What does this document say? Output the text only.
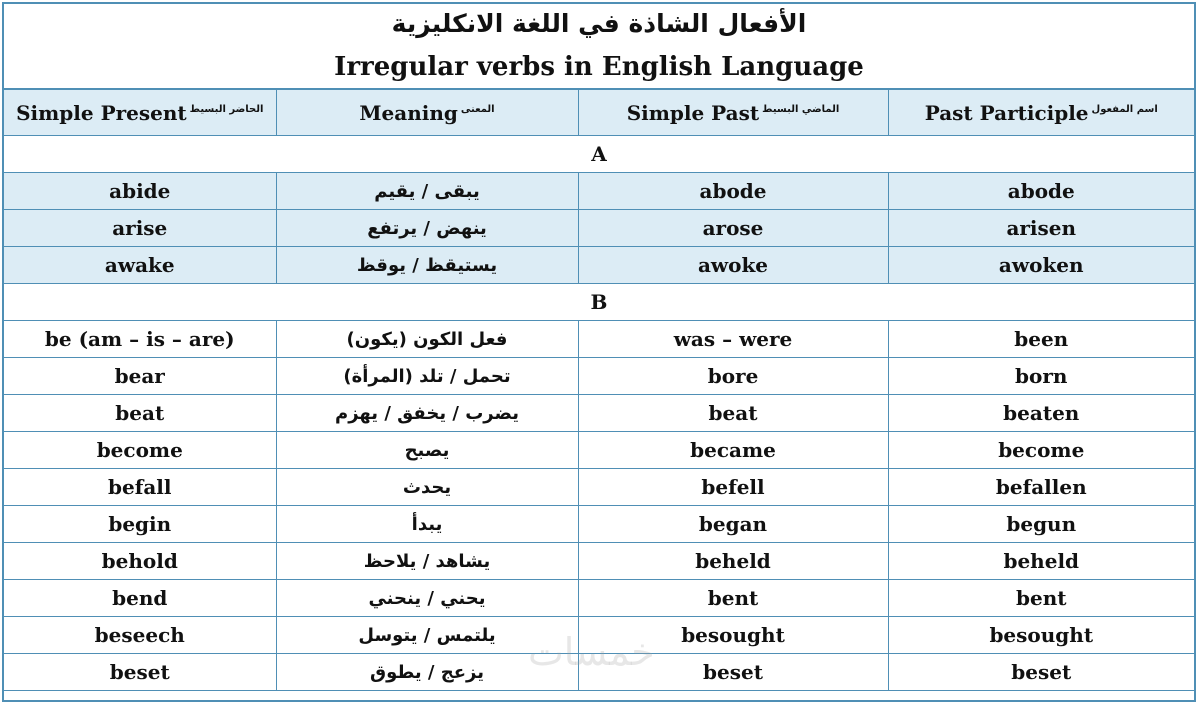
الأفعال الشاذة في اللغة الانكليزية
Irregular verbs in English Language
Simple Present $^{الحاضر البسيط}$	Meaning $^{المعنى}$	Simple Past $^{الماضي البسيط}$	Past Participle $^{اسم المفعول}$
A			
abide	يبقى / يقيم	abode	abode
arise	ينهض / يرتفع	arose	arisen
awake	يستيقظ / يوقظ	awoke	awoken
B			
be (am – is – are)	فعل الكون (يكون)	was – were	been
bear	تحمل / تلد (المرأة)	bore	born
beat	يضرب / يخفق / يهزم	beat	beaten
become	يصبح	became	become
befall	يحدث	befell	befallen
begin	يبدأ	began	begun
behold	يشاهد / يلاحظ	beheld	beheld
bend	يحني / ينحني	bent	bent
beseech	يلتمس / يتوسل	besought	besought
beset	يزعج / يطوق	beset	beset
خمسات
